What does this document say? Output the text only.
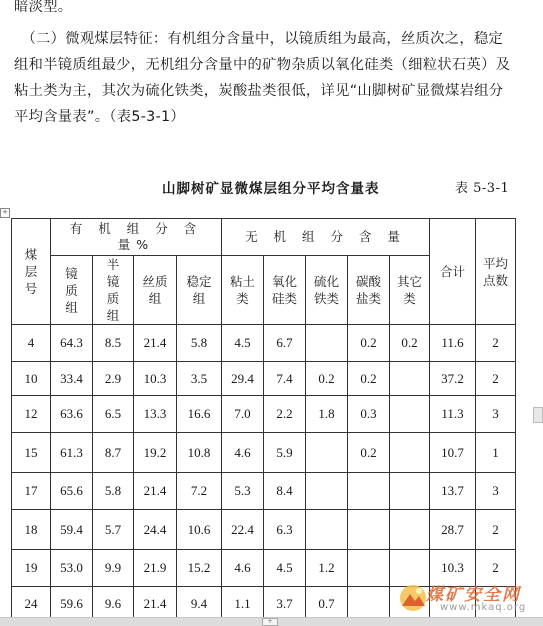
暗淡型。
　（二）微观煤层特征：有机组分含量中，以镜质组为最高，丝质次之，稳定
组和半镜质组最少，无机组分含量中的矿物杂质以氧化硅类（细粒状石英）及
粘土类为主，其次为硫化铁类，炭酸盐类很低，详见“山脚树矿显微煤岩组分
平均含量表”。（表5-3-1）
山脚树矿显微煤层组分平均含量表	表 5-3-1
+
煤层号	有 机 组 分 含 量%				无 机 组 分 含 量					合计	平均点数

	镜质组	半镜质组	丝质组	稳定组	粘土类	氧化硅类	硫化铁类	碳酸盐类	其它类		

4	64.3	8.5	21.4	5.8	4.5	6.7		0.2	0.2	11.6	2
10	33.4	2.9	10.3	3.5	29.4	7.4	0.2	0.2		37.2	2
12	63.6	6.5	13.3	16.6	7.0	2.2	1.8	0.3		11.3	3
15	61.3	8.7	19.2	10.8	4.6	5.9		0.2		10.7	1
17	65.6	5.8	21.4	7.2	5.3	8.4				13.7	3
18	59.4	5.7	24.4	10.6	22.4	6.3				28.7	2
19	53.0	9.9	21.9	15.2	4.6	4.5	1.2			10.3	2
24	59.6	9.6	21.4	9.4	1.1	3.7	0.7				
+
煤矿安全网
www.mkaq.org
